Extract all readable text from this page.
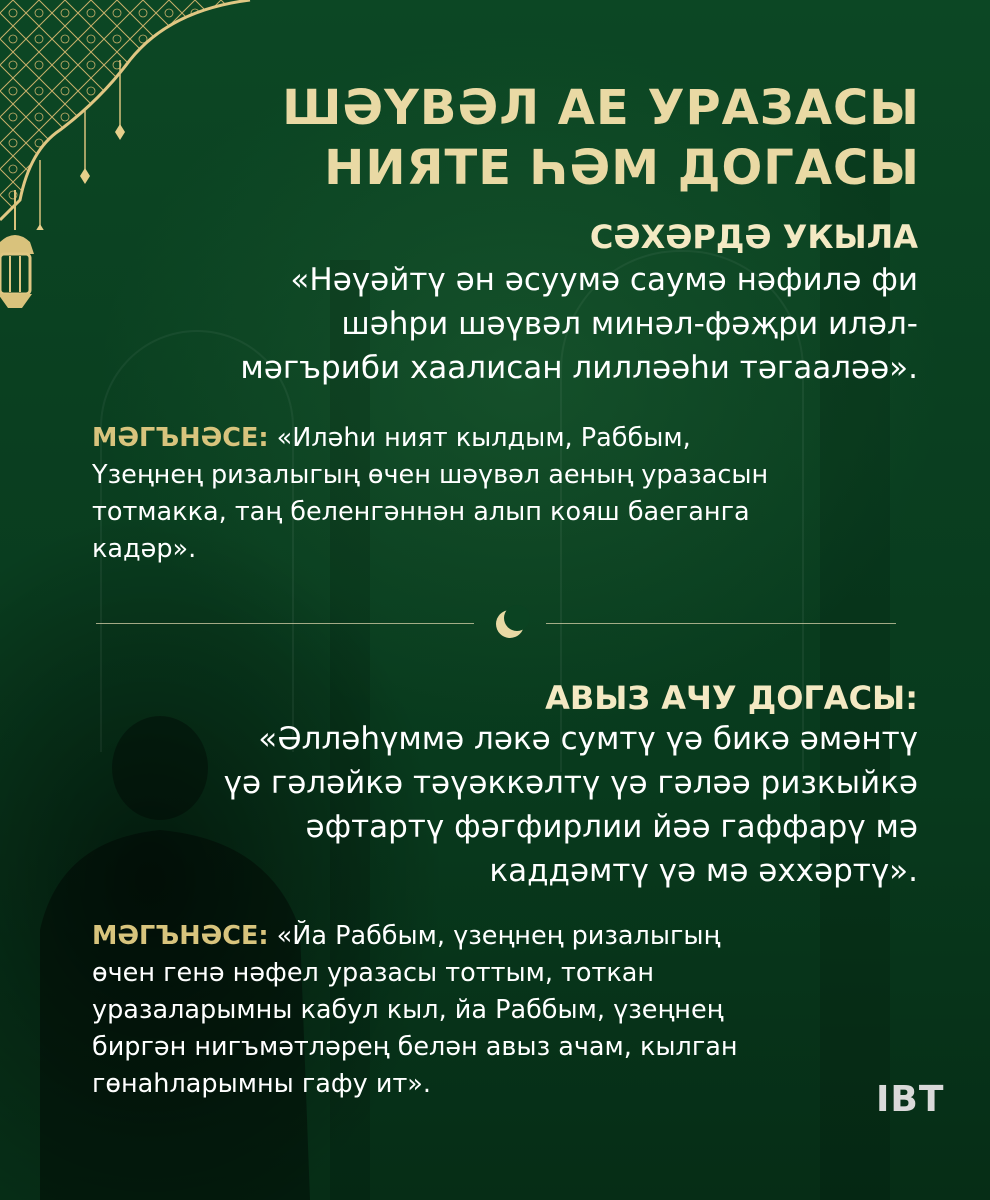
ШӘҮВӘЛ АЕ УРАЗАСЫ
НИЯТЕ ҺӘМ ДОГАСЫ
СӘХӘРДӘ УКЫЛА
«Нәүәйтү ән әсуумә саумә нәфилә фи
шәһри шәүвәл минәл-фәҗри иләл-
мәгъриби хаалисан лилләәһи тәгааләә».
МӘГЪНӘСЕ: «Иләһи ният кылдым, Раббым,
Үзеңнең ризалыгың өчен шәүвәл аеның уразасын
тотмакка, таң беленгәннән алып кояш баеганга
кадәр».
АВЫЗ АЧУ ДОГАСЫ:
«Әлләһүммә ләкә сумтү үә бикә әмәнтү
үә гәләйкә тәүәккәлтү үә гәләә ризкыйкә
әфтартү фәгфирлии йәә гаффарү мә
каддәмтү үә мә әххәртү».
МӘГЪНӘСЕ: «Йа Раббым, үзеңнең ризалыгың
өчен генә нәфел уразасы тоттым, тоткан
уразаларымны кабул кыл, йа Раббым, үзеңнең
биргән нигъмәтләрең белән авыз ачам, кылган
гөнаһларымны гафу ит».	ІВТ
